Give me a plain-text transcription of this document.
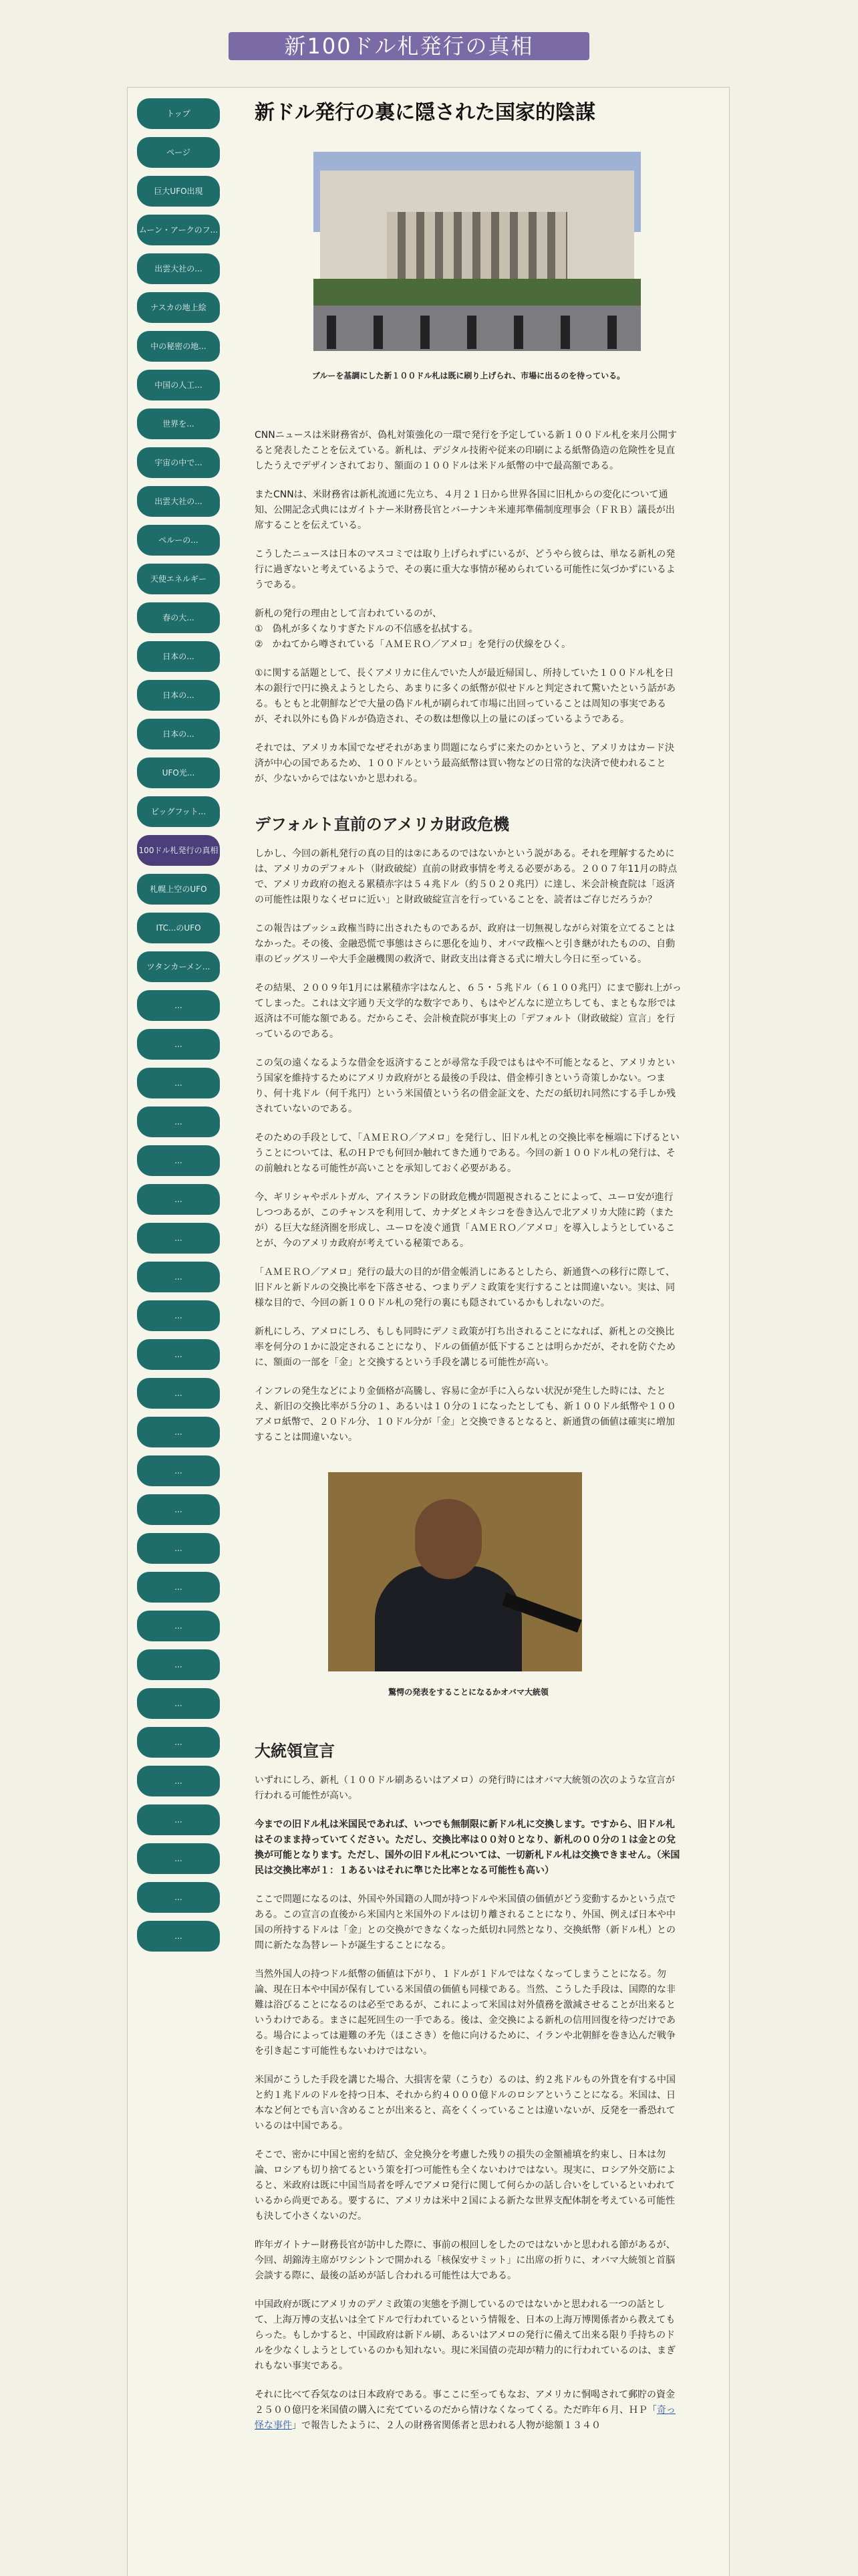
新100ドル札発行の真相
トップ
ページ
巨大UFO出現
ムーン・アークのフ...
出雲大社の...
ナスカの地上絵
中の秘密の地...
中国の人工...
世界を...
宇宙の中で...
出雲大社の...
ペルーの...
天使エネルギー
春の大...
日本の...
日本の...
日本の...
UFO光...
ビッグフット...
100ドル札発行の真相
札幌上空のUFO
ITC...のUFO
ツタンカーメン...
...
...
...
...
...
...
...
...
...
...
...
...
...
...
...
...
...
...
...
...
...
...
...
...
...
新ドル発行の裏に隠された国家的陰謀
ブルーを基調にした新１００ドル札は既に刷り上げられ、市場に出るのを待っている。
CNNニュースは米財務省が、偽札対策強化の一環で発行を予定している新１００ドル札を来月公開すると発表したことを伝えている。新札は、デジタル技術や従来の印刷による紙幣偽造の危険性を見直したうえでデザインされており、額面の１００ドルは米ドル紙幣の中で最高額である。
またCNNは、米財務省は新札流通に先立ち、４月２１日から世界各国に旧札からの変化について通知、公開記念式典にはガイトナー米財務長官とバーナンキ米連邦準備制度理事会（ＦＲＢ）議長が出席することを伝えている。
こうしたニュースは日本のマスコミでは取り上げられずにいるが、どうやら彼らは、単なる新札の発行に過ぎないと考えているようで、その裏に重大な事情が秘められている可能性に気づかずにいるようである。
新札の発行の理由として言われているのが、
①　偽札が多くなりすぎたドルの不信感を払拭する。
②　かねてから噂されている「ＡＭＥＲＯ／アメロ」を発行の伏線をひく。
①に関する話題として、長くアメリカに住んでいた人が最近帰国し、所持していた１００ドル札を日本の銀行で円に換えようとしたら、あまりに多くの紙幣が似せドルと判定されて驚いたという話がある。もともと北朝鮮などで大量の偽ドル札が刷られて市場に出回っていることは周知の事実であるが、それ以外にも偽ドルが偽造され、その数は想像以上の量にのぼっているようである。
それでは、アメリカ本国でなぜそれがあまり問題にならずに来たのかというと、アメリカはカード決済が中心の国であるため、１００ドルという最高紙幣は買い物などの日常的な決済で使われることが、少ないからではないかと思われる。
デフォルト直前のアメリカ財政危機
しかし、今回の新札発行の真の目的は②にあるのではないかという説がある。それを理解するためには、アメリカのデフォルト（財政破綻）直前の財政事情を考える必要がある。２００７年11月の時点で、アメリカ政府の抱える累積赤字は５４兆ドル（約５０２０兆円）に達し、米会計検査院は「返済の可能性は限りなくゼロに近い」と財政破綻宣言を行っていることを、読者はご存じだろうか？
この報告はブッシュ政権当時に出されたものであるが、政府は一切無視しながら対策を立てることはなかった。その後、金融恐慌で事態はさらに悪化を辿り、オバマ政権へと引き継がれたものの、自動車のビッグスリーや大手金融機関の救済で、財政支出は膏さる式に増大し今日に至っている。
その結果、２００９年1月には累積赤字はなんと、６５・５兆ドル（６１００兆円）にまで膨れ上がってしまった。これは文字通り天文学的な数字であり、もはやどんなに逆立ちしても、まともな形では返済は不可能な額である。だからこそ、会計検査院が事実上の「デフォルト（財政破綻）宣言」を行っているのである。
この気の遠くなるような借金を返済することが尋常な手段ではもはや不可能となると、アメリカという国家を維持するためにアメリカ政府がとる最後の手段は、借金棒引きという奇策しかない。つまり、何十兆ドル（何千兆円）という米国債という名の借金証文を、ただの紙切れ同然にする手しか残されていないのである。
そのための手段として、「ＡＭＥＲＯ／アメロ」を発行し、旧ドル札との交換比率を極端に下げるということについては、私のＨＰでも何回か触れてきた通りである。今回の新１００ドル札の発行は、その前触れとなる可能性が高いことを承知しておく必要がある。
今、ギリシャやポルトガル、アイスランドの財政危機が問題視されることによって、ユーロ安が進行しつつあるが、このチャンスを利用して、カナダとメキシコを巻き込んで北アメリカ大陸に跨（またが）る巨大な経済圏を形成し、ユーロを凌ぐ通貨「ＡＭＥＲＯ／アメロ」を導入しようとしていることが、今のアメリカ政府が考えている秘策である。
「ＡＭＥＲＯ／アメロ」発行の最大の目的が借金帳消しにあるとしたら、新通貨への移行に際して、旧ドルと新ドルの交換比率を下落させる、つまりデノミ政策を実行することは間違いない。実は、同様な目的で、今回の新１００ドル札の発行の裏にも隠されているかもしれないのだ。
新札にしろ、アメロにしろ、もしも同時にデノミ政策が打ち出されることになれば、新札との交換比率を何分の１かに設定されることになり、ドルの価値が低下することは明らかだが、それを防ぐために、額面の一部を「金」と交換するという手段を講じる可能性が高い。
インフレの発生などにより金価格が高騰し、容易に金が手に入らない状況が発生した時には、たとえ、新旧の交換比率が５分の１、あるいは１０分の１になったとしても、新１００ドル紙幣や１００アメロ紙幣で、２０ドル分、１０ドル分が「金」と交換できるとなると、新通貨の価値は確実に増加することは間違いない。
驚愕の発表をすることになるかオバマ大統領
大統領宣言
いずれにしろ、新札（１００ドル刷あるいはアメロ）の発行時にはオバマ大統領の次のような宣言が行われる可能性が高い。
今までの旧ドル札は米国民であれば、いつでも無制限に新ドル札に交換します。ですから、旧ドル札はそのまま持っていてください。ただし、交換比率は００対０となり、新札の００分の１は金との兌換が可能となります。ただし、国外の旧ドル札については、一切新札ドル札は交換できません。（米国民は交換比率が１：１あるいはそれに準じた比率となる可能性も高い）
ここで問題になるのは、外国や外国籍の人間が持つドルや米国債の価値がどう変動するかという点である。この宣言の直後から米国内と米国外のドルは切り離されることになり、外国、例えば日本や中国の所持するドルは「金」との交換ができなくなった紙切れ同然となり、交換紙幣（新ドル札）との間に新たな為替レートが誕生することになる。
当然外国人の持つドル紙幣の価値は下がり、１ドルが１ドルではなくなってしまうことになる。勿論、現在日本や中国が保有している米国債の価値も同様である。当然、こうした手段は、国際的な非難は浴びることになるのは必至であるが、これによって米国は対外債務を激減させることが出来るというわけである。まさに起死回生の一手である。後は、金交換による新札の信用回復を待つだけである。場合によっては避難の矛先（ほこさき）を他に向けるために、イランや北朝鮮を巻き込んだ戦争を引き起こす可能性もないわけではない。
米国がこうした手段を講じた場合、大損害を蒙（こうむ）るのは、約２兆ドルもの外貨を有する中国と約１兆ドルのドルを持つ日本、それから約４０００億ドルのロシアということになる。米国は、日本など何とでも言い含めることが出来ると、高をくくっていることは違いないが、反発を一番恐れているのは中国である。
そこで、密かに中国と密約を結び、金兌換分を考慮した残りの損失の金額補填を約束し、日本は勿論、ロシアも切り捨てるという策を打つ可能性も全くないわけではない。現実に、ロシア外交筋によると、米政府は既に中国当局者を呼んでアメロ発行に関して何らかの話し合いをしているといわれているから尚更である。要するに、アメリカは米中２国による新たな世界支配体制を考えている可能性も決して小さくないのだ。
昨年ガイトナー財務長官が訪中した際に、事前の根回しをしたのではないかと思われる節があるが、今回、胡錦涛主席がワシントンで開かれる「核保安サミット」に出席の折りに、オバマ大統領と首脳会談する際に、最後の話めが話し合われる可能性は大である。
中国政府が既にアメリカのデノミ政策の実態を予測しているのではないかと思われる一つの話として、上海万博の支払いは全てドルで行われているという情報を、日本の上海万博関係者から教えてもらった。もしかすると、中国政府は新ドル刷、あるいはアメロの発行に備えて出来る限り手持ちのドルを少なくしようとしているのかも知れない。現に米国債の売却が精力的に行われているのは、まぎれもない事実である。
それに比べて呑気なのは日本政府である。事ここに至ってもなお、アメリカに恫喝されて郵貯の資金２５００億円を米国債の購入に充てているのだから情けなくなってくる。ただ昨年６月、ＨＰ「奇っ怪な事件」で報告したように、２人の財務省関係者と思われる人物が総額１３４０
